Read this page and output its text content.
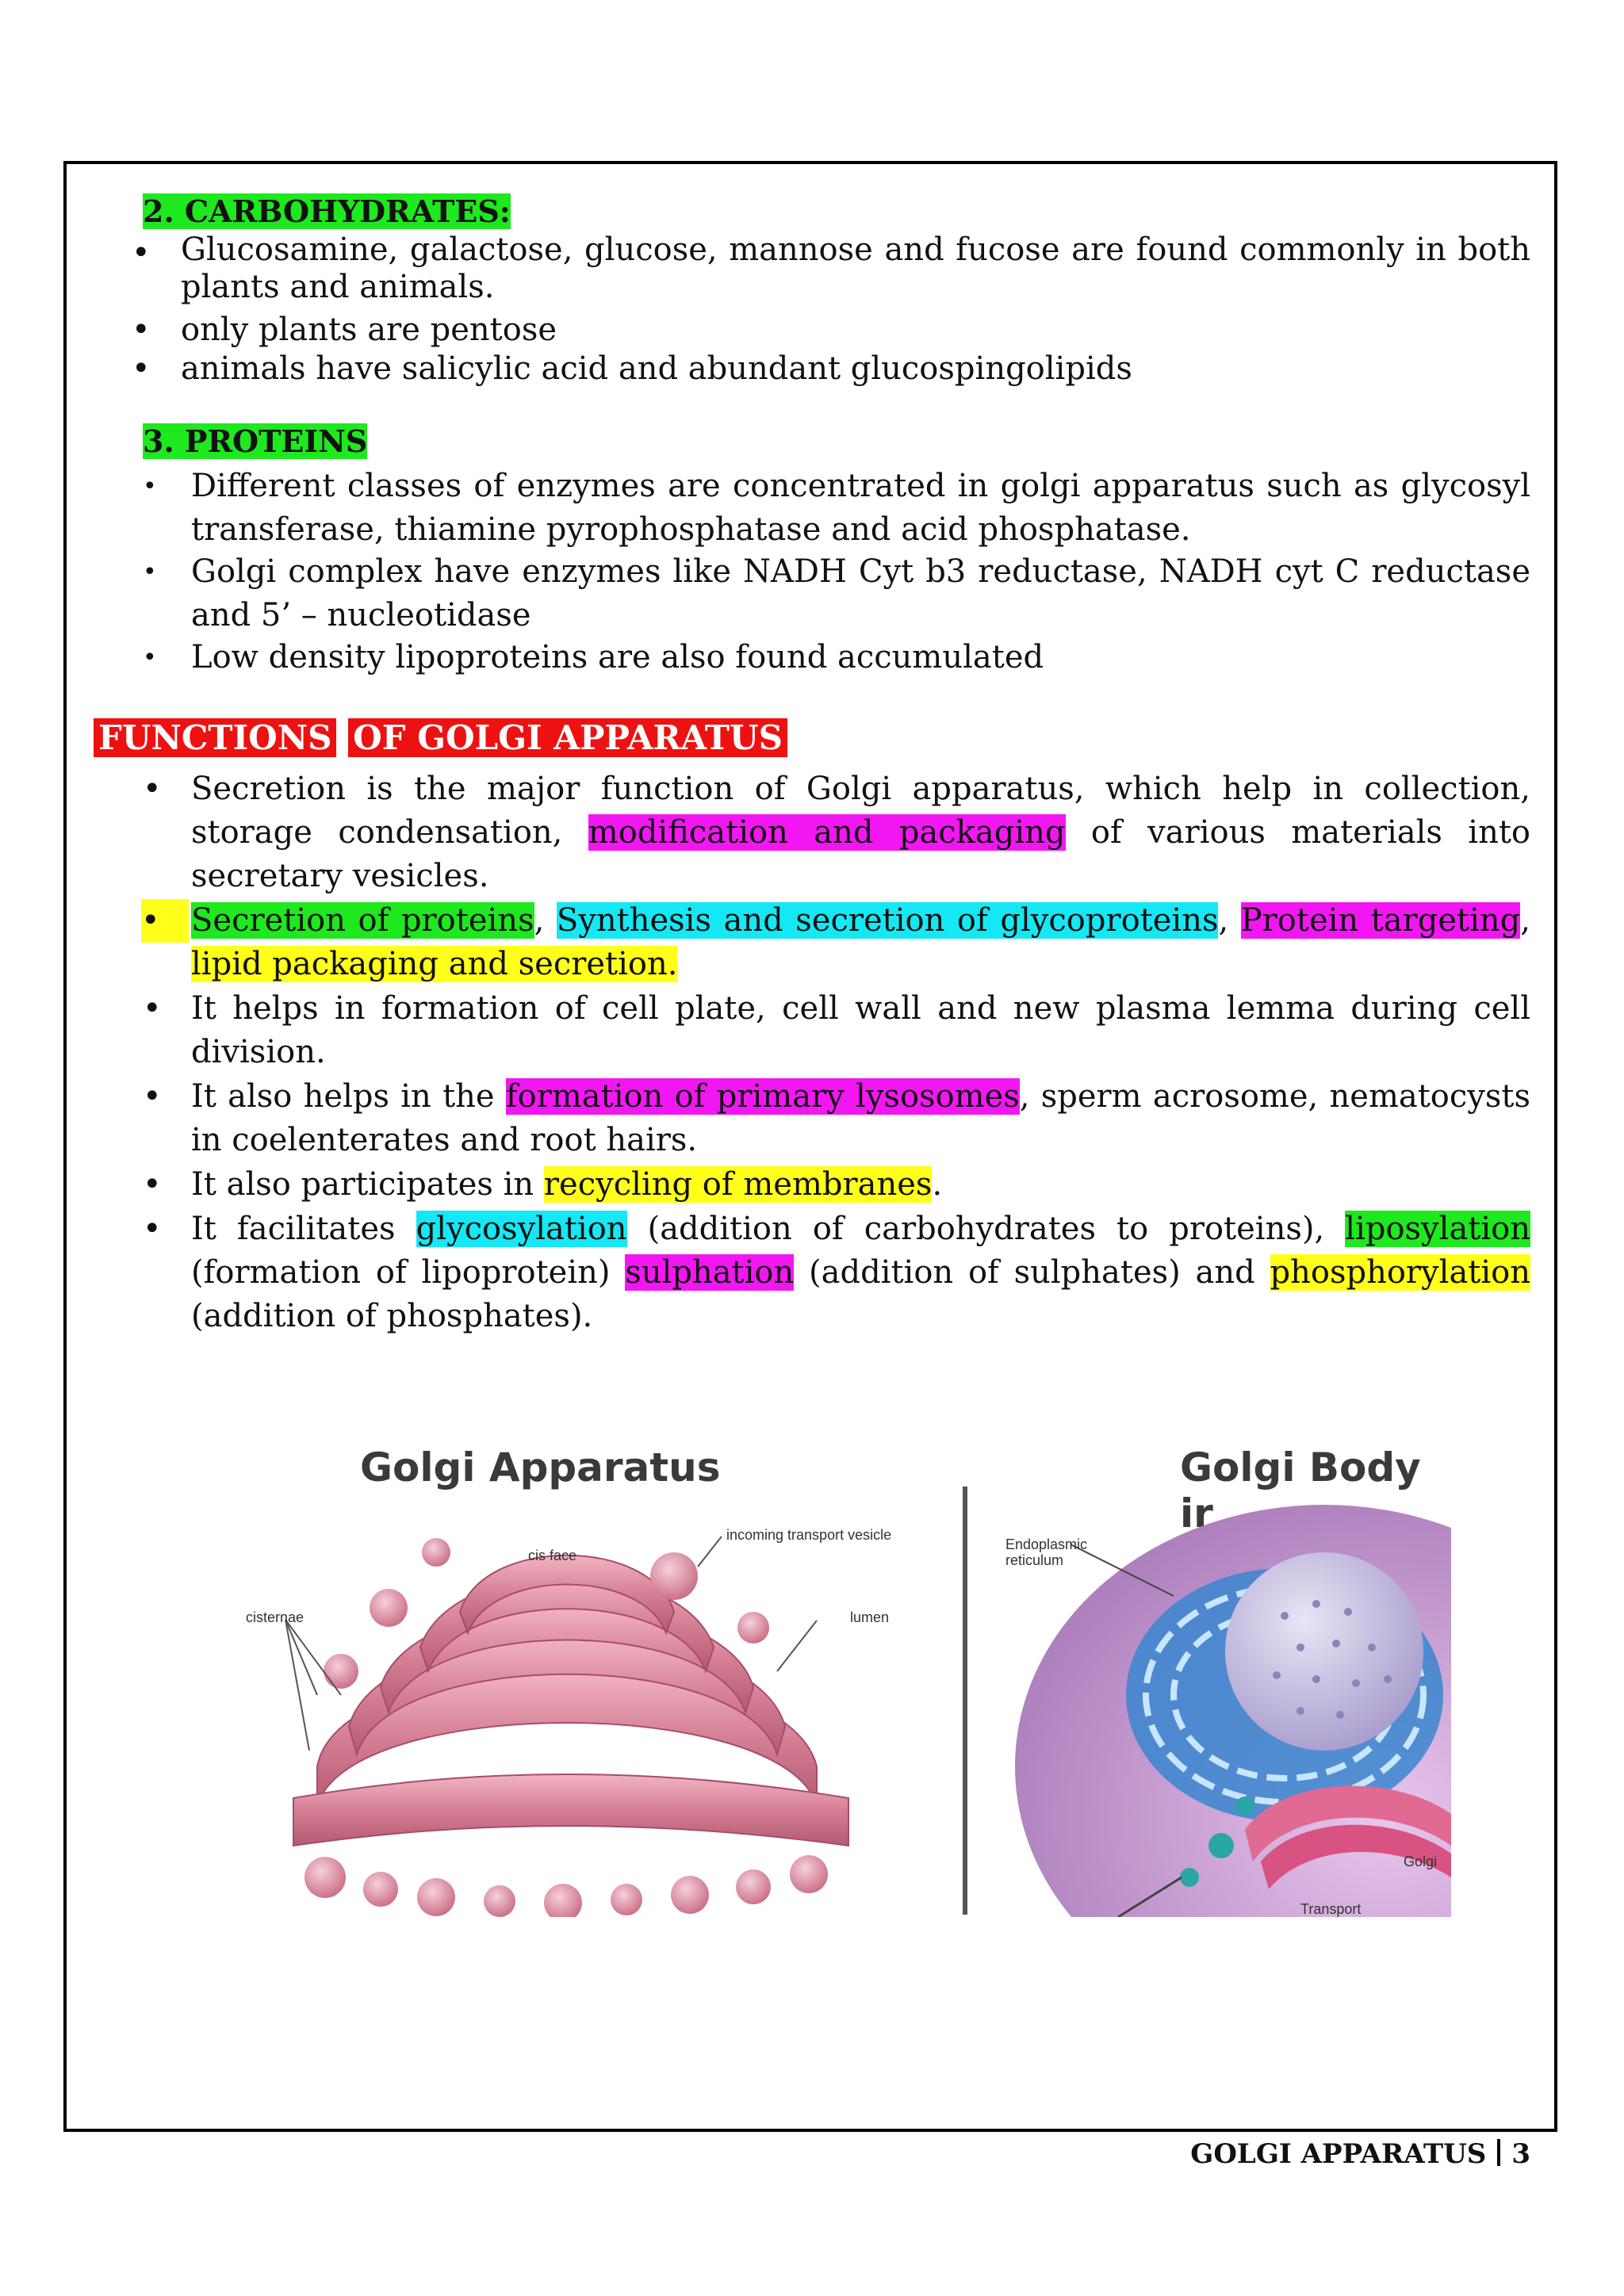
2. CARBOHYDRATES:
• Glucosamine, galactose, glucose, mannose and fucose are found commonly in both plants and animals.
• only plants are pentose
• animals have salicylic acid and abundant glucospingolipids
3. PROTEINS
• Different classes of enzymes are concentrated in golgi apparatus such as glycosyl transferase, thiamine pyrophosphatase and acid phosphatase.
• Golgi complex have enzymes like NADH Cyt b3 reductase, NADH cyt C reductase and 5’ – nucleotidase
• Low density lipoproteins are also found accumulated
FUNCTIONS OF GOLGI APPARATUS
• Secretion is the major function of Golgi apparatus, which help in collection, storage condensation, modification and packaging of various materials into secretary vesicles.
• Secretion of proteins, Synthesis and secretion of glycoproteins, Protein targeting, lipid packaging and secretion.
• It helps in formation of cell plate, cell wall and new plasma lemma during cell division.
• It also helps in the formation of primary lysosomes, sperm acrosome, nematocysts in coelenterates and root hairs.
• It also participates in recycling of membranes.
• It facilitates glycosylation (addition of carbohydrates to proteins), liposylation (formation of lipoprotein) sulphation (addition of sulphates) and phosphorylation (addition of phosphates).
Golgi Apparatus
incoming transport vesicle
cis face
cisternae	lumen
Golgi Body ir
Endoplasmic reticulum
Golgi
Transport
GOLGI APPARATUS 3
